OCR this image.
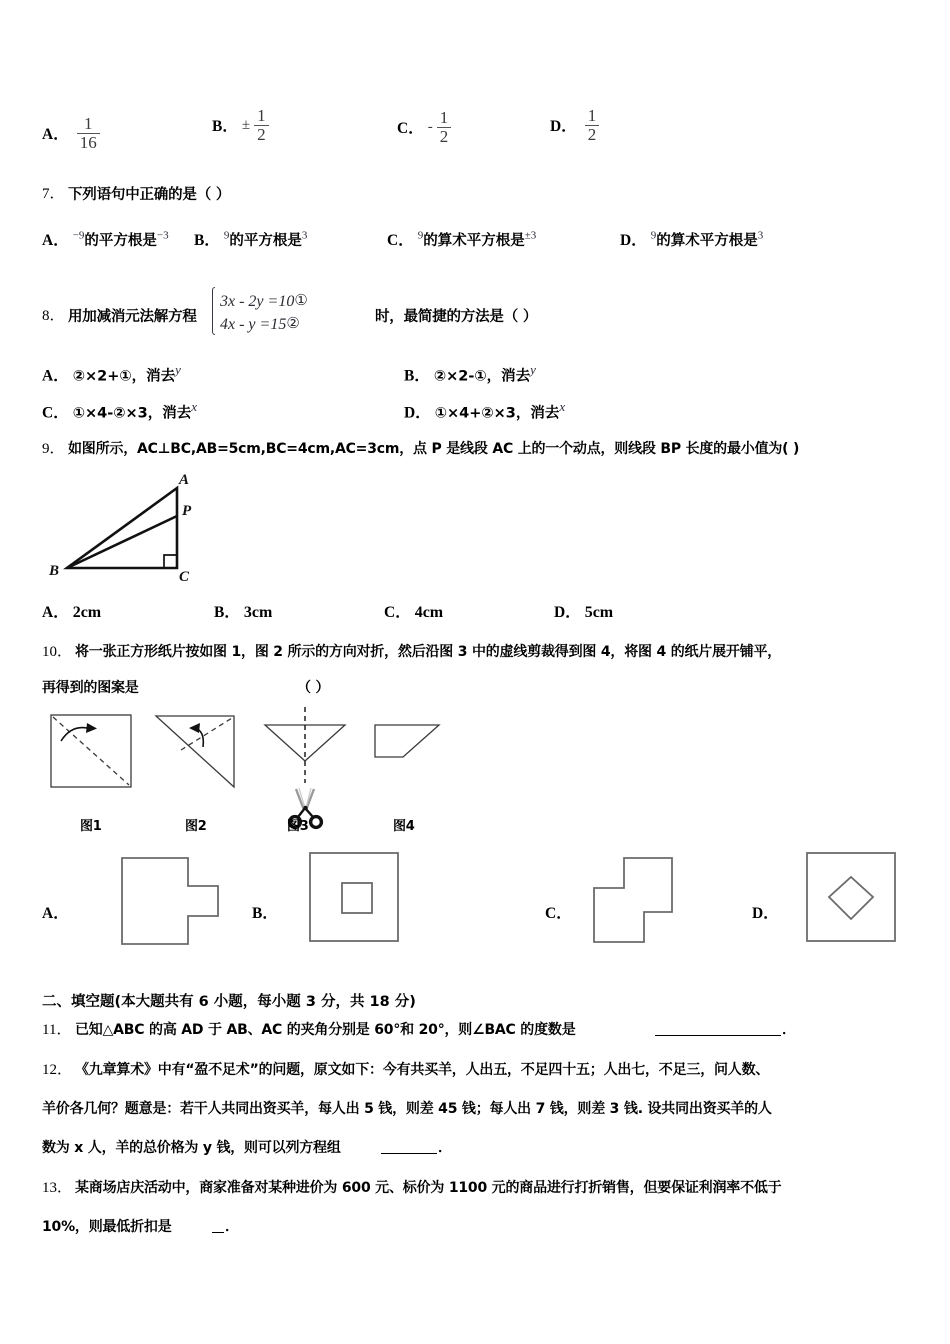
A． $\frac{1}{16}$	B． ± $\frac{1}{2}$	C． - $\frac{1}{2}$	D． $\frac{1}{2}$
7． 下列语句中正确的是（ ）
A． $^{-9}$的平方根是$^{-3}$ B． $^9$的平方根是$^3$	C． $^9$的算术平方根是$^{\pm 3}$	D． $^9$的算术平方根是$^3$
8． 用加减消元法解方程
3x - 2y =10①
4x - y =15②	时，最简捷的方法是（ ）
A． ②×2+①，消去$^y$	B． ②×2-①，消去$^y$
C． ①×4-②×3，消去$^x$	D． ①×4+②×3，消去$^x$
9． 如图所示，AC⊥BC,AB=5cm,BC=4cm,AC=3cm，点 P 是线段 AC 上的一个动点，则线段 BP 长度的最小值为( )
A
P
B	C
A． 2cm	B． 3cm	C． 4cm	D． 5cm
10． 将一张正方形纸片按如图 1，图 2 所示的方向对折，然后沿图 3 中的虚线剪裁得到图 4，将图 4 的纸片展开铺平，
再得到的图案是	（ ）
图1	图2	图3	图4
A．	B．	C．	D．
二、填空题(本大题共有 6 小题，每小题 3 分，共 18 分)
11． 已知△ABC 的高 AD 于 AB、AC 的夹角分别是 60°和 20°，则∠BAC 的度数是	．
12． 《九章算术》中有“盈不足术”的问题，原文如下：今有共买羊，人出五，不足四十五；人出七，不足三，问人数、
羊价各几何？题意是：若干人共同出资买羊，每人出 5 钱，则差 45 钱；每人出 7 钱，则差 3 钱. 设共同出资买羊的人
数为 x 人，羊的总价格为 y 钱，则可以列方程组	．
13． 某商场店庆活动中，商家准备对某种进价为 600 元、标价为 1100 元的商品进行打折销售，但要保证利润率不低于
10%，则最低折扣是	．
